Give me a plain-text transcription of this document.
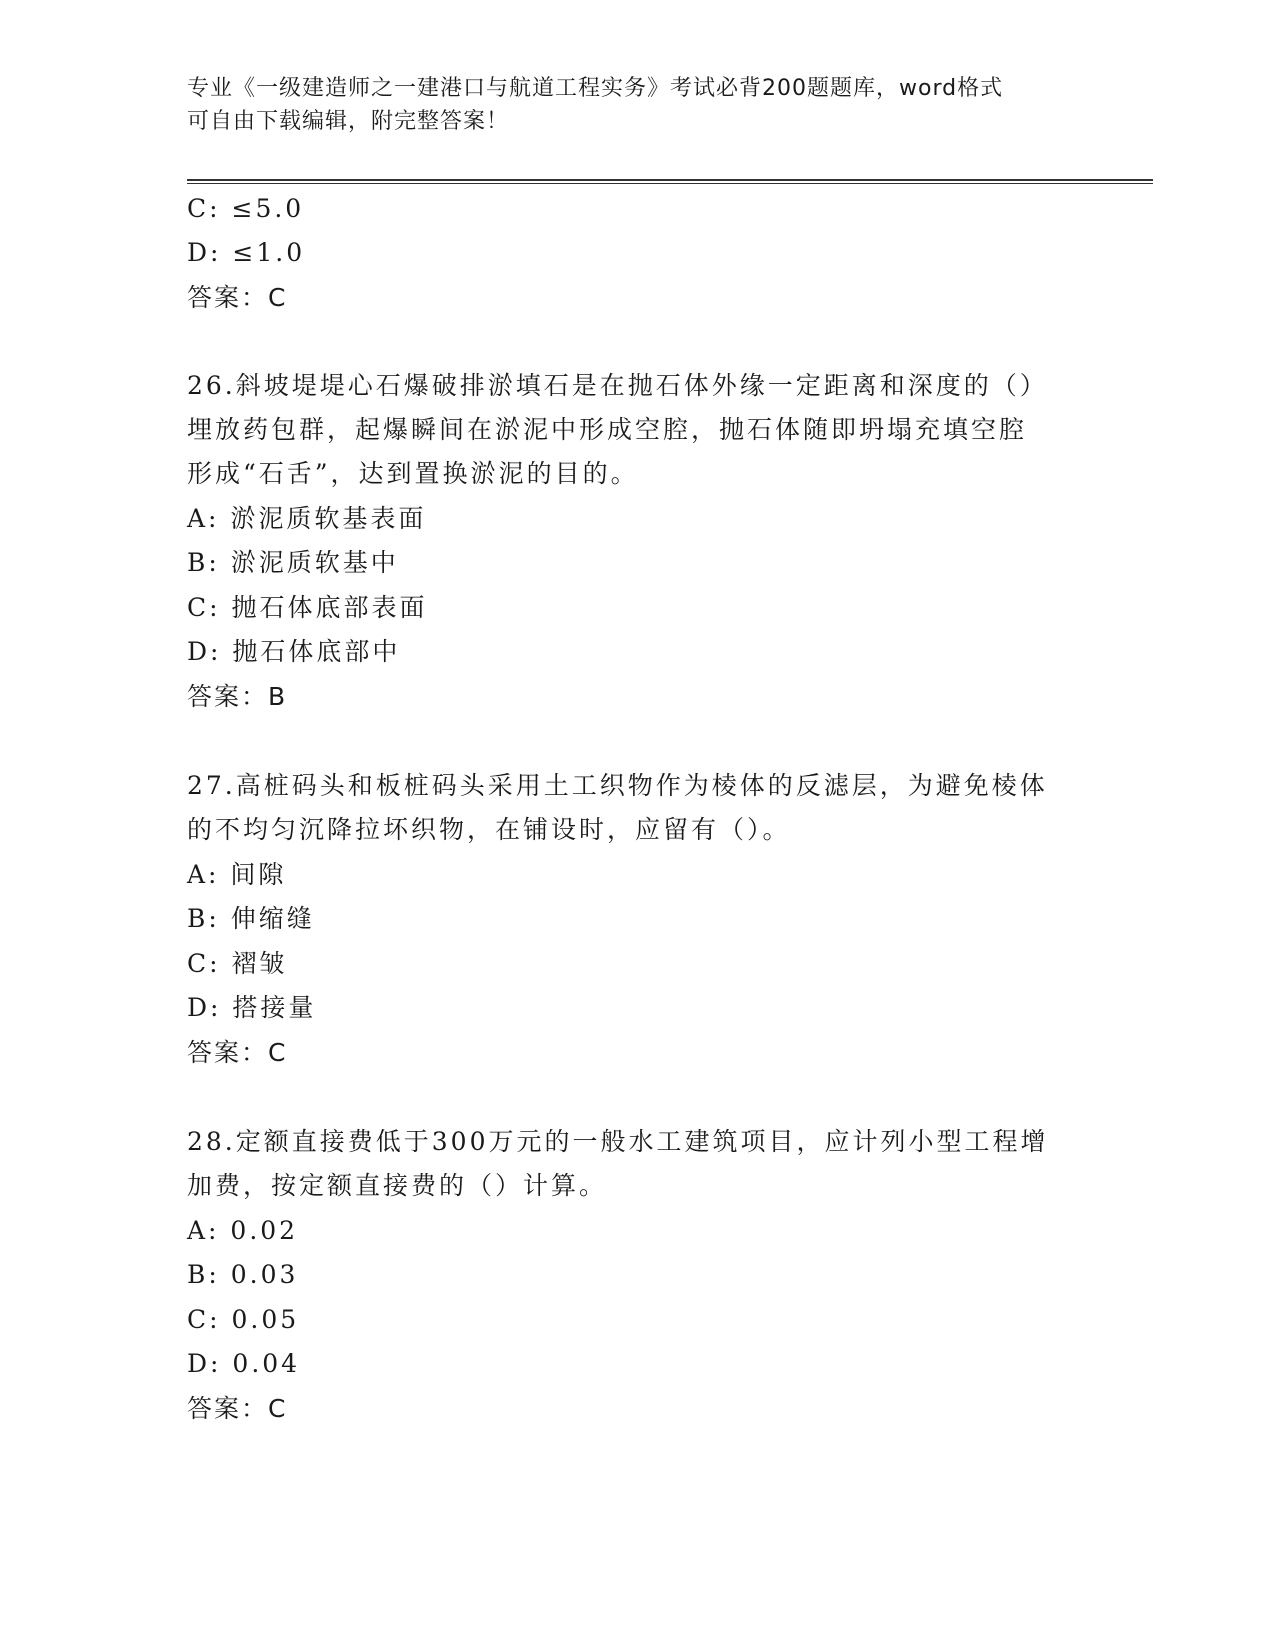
专业《一级建造师之一建港口与航道工程实务》考试必背200题题库，word格式
可自由下载编辑，附完整答案！
C: ≤5.0
D: ≤1.0
答案：C
26.斜坡堤堤心石爆破排淤填石是在抛石体外缘一定距离和深度的（）
埋放药包群，起爆瞬间在淤泥中形成空腔，抛石体随即坍塌充填空腔
形成“石舌”，达到置换淤泥的目的。
A: 淤泥质软基表面
B: 淤泥质软基中
C: 抛石体底部表面
D: 抛石体底部中
答案：B
27.高桩码头和板桩码头采用土工织物作为棱体的反滤层，为避免棱体
的不均匀沉降拉坏织物，在铺设时，应留有（）。
A: 间隙
B: 伸缩缝
C: 褶皱
D: 搭接量
答案：C
28.定额直接费低于300万元的一般水工建筑项目，应计列小型工程增
加费，按定额直接费的（）计算。
A: 0.02
B: 0.03
C: 0.05
D: 0.04
答案：C
